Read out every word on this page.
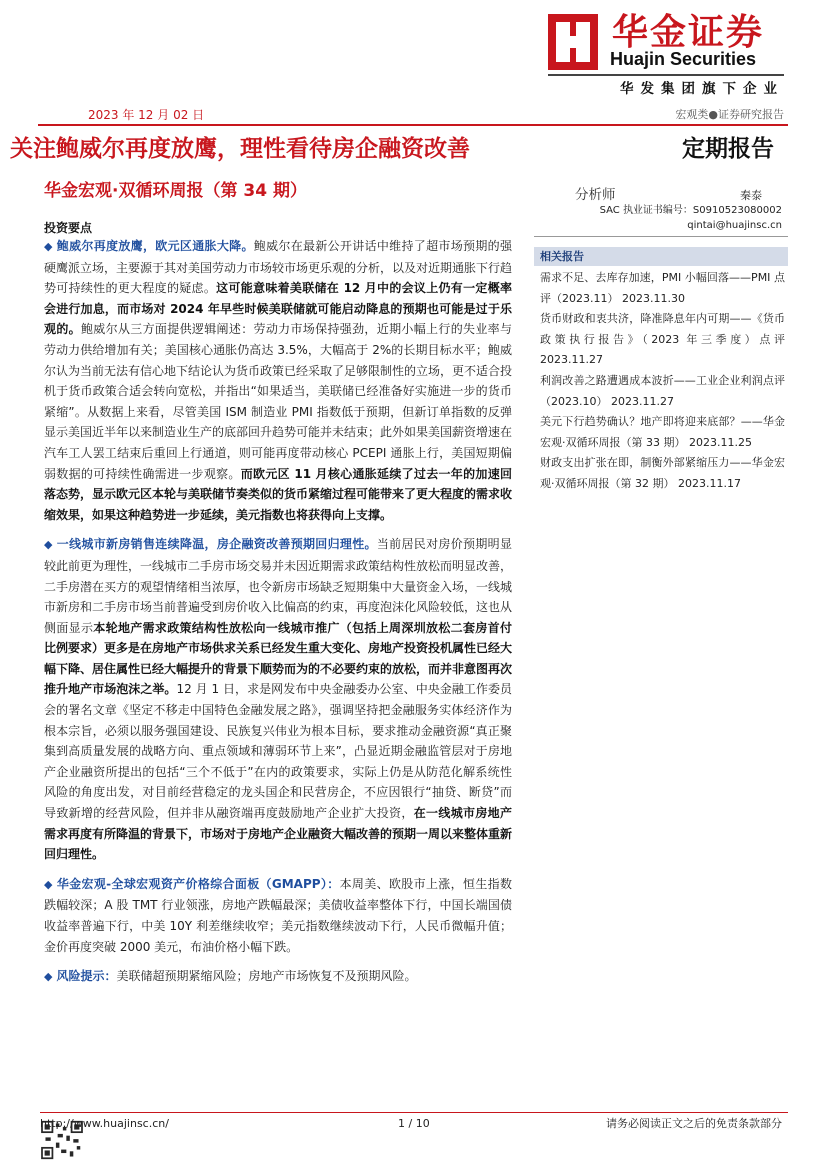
华金证券
Huajin Securities
华发集团旗下企业
2023 年 12 月 02 日	宏观类●证券研究报告
关注鲍威尔再度放鹰，理性看待房企融资改善	定期报告
华金宏观·双循环周报（第 34 期）	分析师	秦泰
SAC 执业证书编号：S0910523080002
qintai@huajinsc.cn
投资要点

◆ 鲍威尔再度放鹰，欧元区通胀大降。鲍威尔在最新公开讲话中维持了超市场预期的强硬鹰派立场，主要源于其对美国劳动力市场较市场更乐观的分析，以及对近期通胀下行趋势可持续性的更大程度的疑虑。这可能意味着美联储在 12 月中的会议上仍有一定概率会进行加息，而市场对 2024 年早些时候美联储就可能启动降息的预期也可能是过于乐观的。鲍威尔从三方面提供逻辑阐述：劳动力市场保持强劲，近期小幅上行的失业率与劳动力供给增加有关；美国核心通胀仍高达 3.5%，大幅高于 2%的长期目标水平；鲍威尔认为当前无法有信心地下结论认为货币政策已经采取了足够限制性的立场，更不适合投机于货币政策合适会转向宽松，并指出“如果适当，美联储已经准备好实施进一步的货币紧缩”。从数据上来看，尽管美国 ISM 制造业 PMI 指数低于预期，但新订单指数的反弹显示美国近半年以来制造业生产的底部回升趋势可能并未结束；此外如果美国薪资增速在汽车工人罢工结束后重回上行通道，则可能再度带动核心 PCEPI 通胀上行，美国短期偏弱数据的可持续性确需进一步观察。而欧元区 11 月核心通胀延续了过去一年的加速回落态势，显示欧元区本轮与美联储节奏类似的货币紧缩过程可能带来了更大程度的需求收缩效果，如果这种趋势进一步延续，美元指数也将获得向上支撑。

◆ 一线城市新房销售连续降温，房企融资改善预期回归理性。当前居民对房价预期明显较此前更为理性，一线城市二手房市场交易并未因近期需求政策结构性放松而明显改善，二手房潜在买方的观望情绪相当浓厚，也令新房市场缺乏短期集中大量资金入场，一线城市新房和二手房市场当前普遍受到房价收入比偏高的约束，再度泡沫化风险较低，这也从侧面显示本轮地产需求政策结构性放松向一线城市推广（包括上周深圳放松二套房首付比例要求）更多是在房地产市场供求关系已经发生重大变化、房地产投资投机属性已经大幅下降、居住属性已经大幅提升的背景下顺势而为的不必要约束的放松，而并非意图再次推升地产市场泡沫之举。12 月 1 日，求是网发布中央金融委办公室、中央金融工作委员会的署名文章《坚定不移走中国特色金融发展之路》，强调坚持把金融服务实体经济作为根本宗旨，必须以服务强国建设、民族复兴伟业为根本目标，要求推动金融资源“真正聚集到高质量发展的战略方向、重点领域和薄弱环节上来”，凸显近期金融监管层对于房地产企业融资所提出的包括“三个不低于”在内的政策要求，实际上仍是从防范化解系统性风险的角度出发，对目前经营稳定的龙头国企和民营房企，不应因银行“抽贷、断贷”而导致新增的经营风险，但并非从融资端再度鼓励地产企业扩大投资，在一线城市房地产需求再度有所降温的背景下，市场对于房地产企业融资大幅改善的预期一周以来整体重新回归理性。

◆ 华金宏观-全球宏观资产价格综合面板（GMAPP）：本周美、欧股市上涨，恒生指数跌幅较深；A 股 TMT 行业领涨，房地产跌幅最深；美债收益率整体下行，中国长端国债收益率普遍下行，中美 10Y 利差继续收窄；美元指数继续波动下行，人民币微幅升值；金价再度突破 2000 美元，布油价格小幅下跌。

◆ 风险提示：美联储超预期紧缩风险；房地产市场恢复不及预期风险。

相关报告
需求不足、去库存加速，PMI 小幅回落——PMI 点评（2023.11） 2023.11.30
货币财政和衷共济，降准降息年内可期——《货币政策执行报告》（2023 年三季度）点评 2023.11.27
利润改善之路遭遇成本波折——工业企业利润点评（2023.10） 2023.11.27
美元下行趋势确认？地产即将迎来底部？——华金宏观·双循环周报（第 33 期） 2023.11.25
财政支出扩张在即，制衡外部紧缩压力——华金宏观·双循环周报（第 32 期） 2023.11.17
http://www.huajinsc.cn/	1 / 10	请务必阅读正文之后的免责条款部分
